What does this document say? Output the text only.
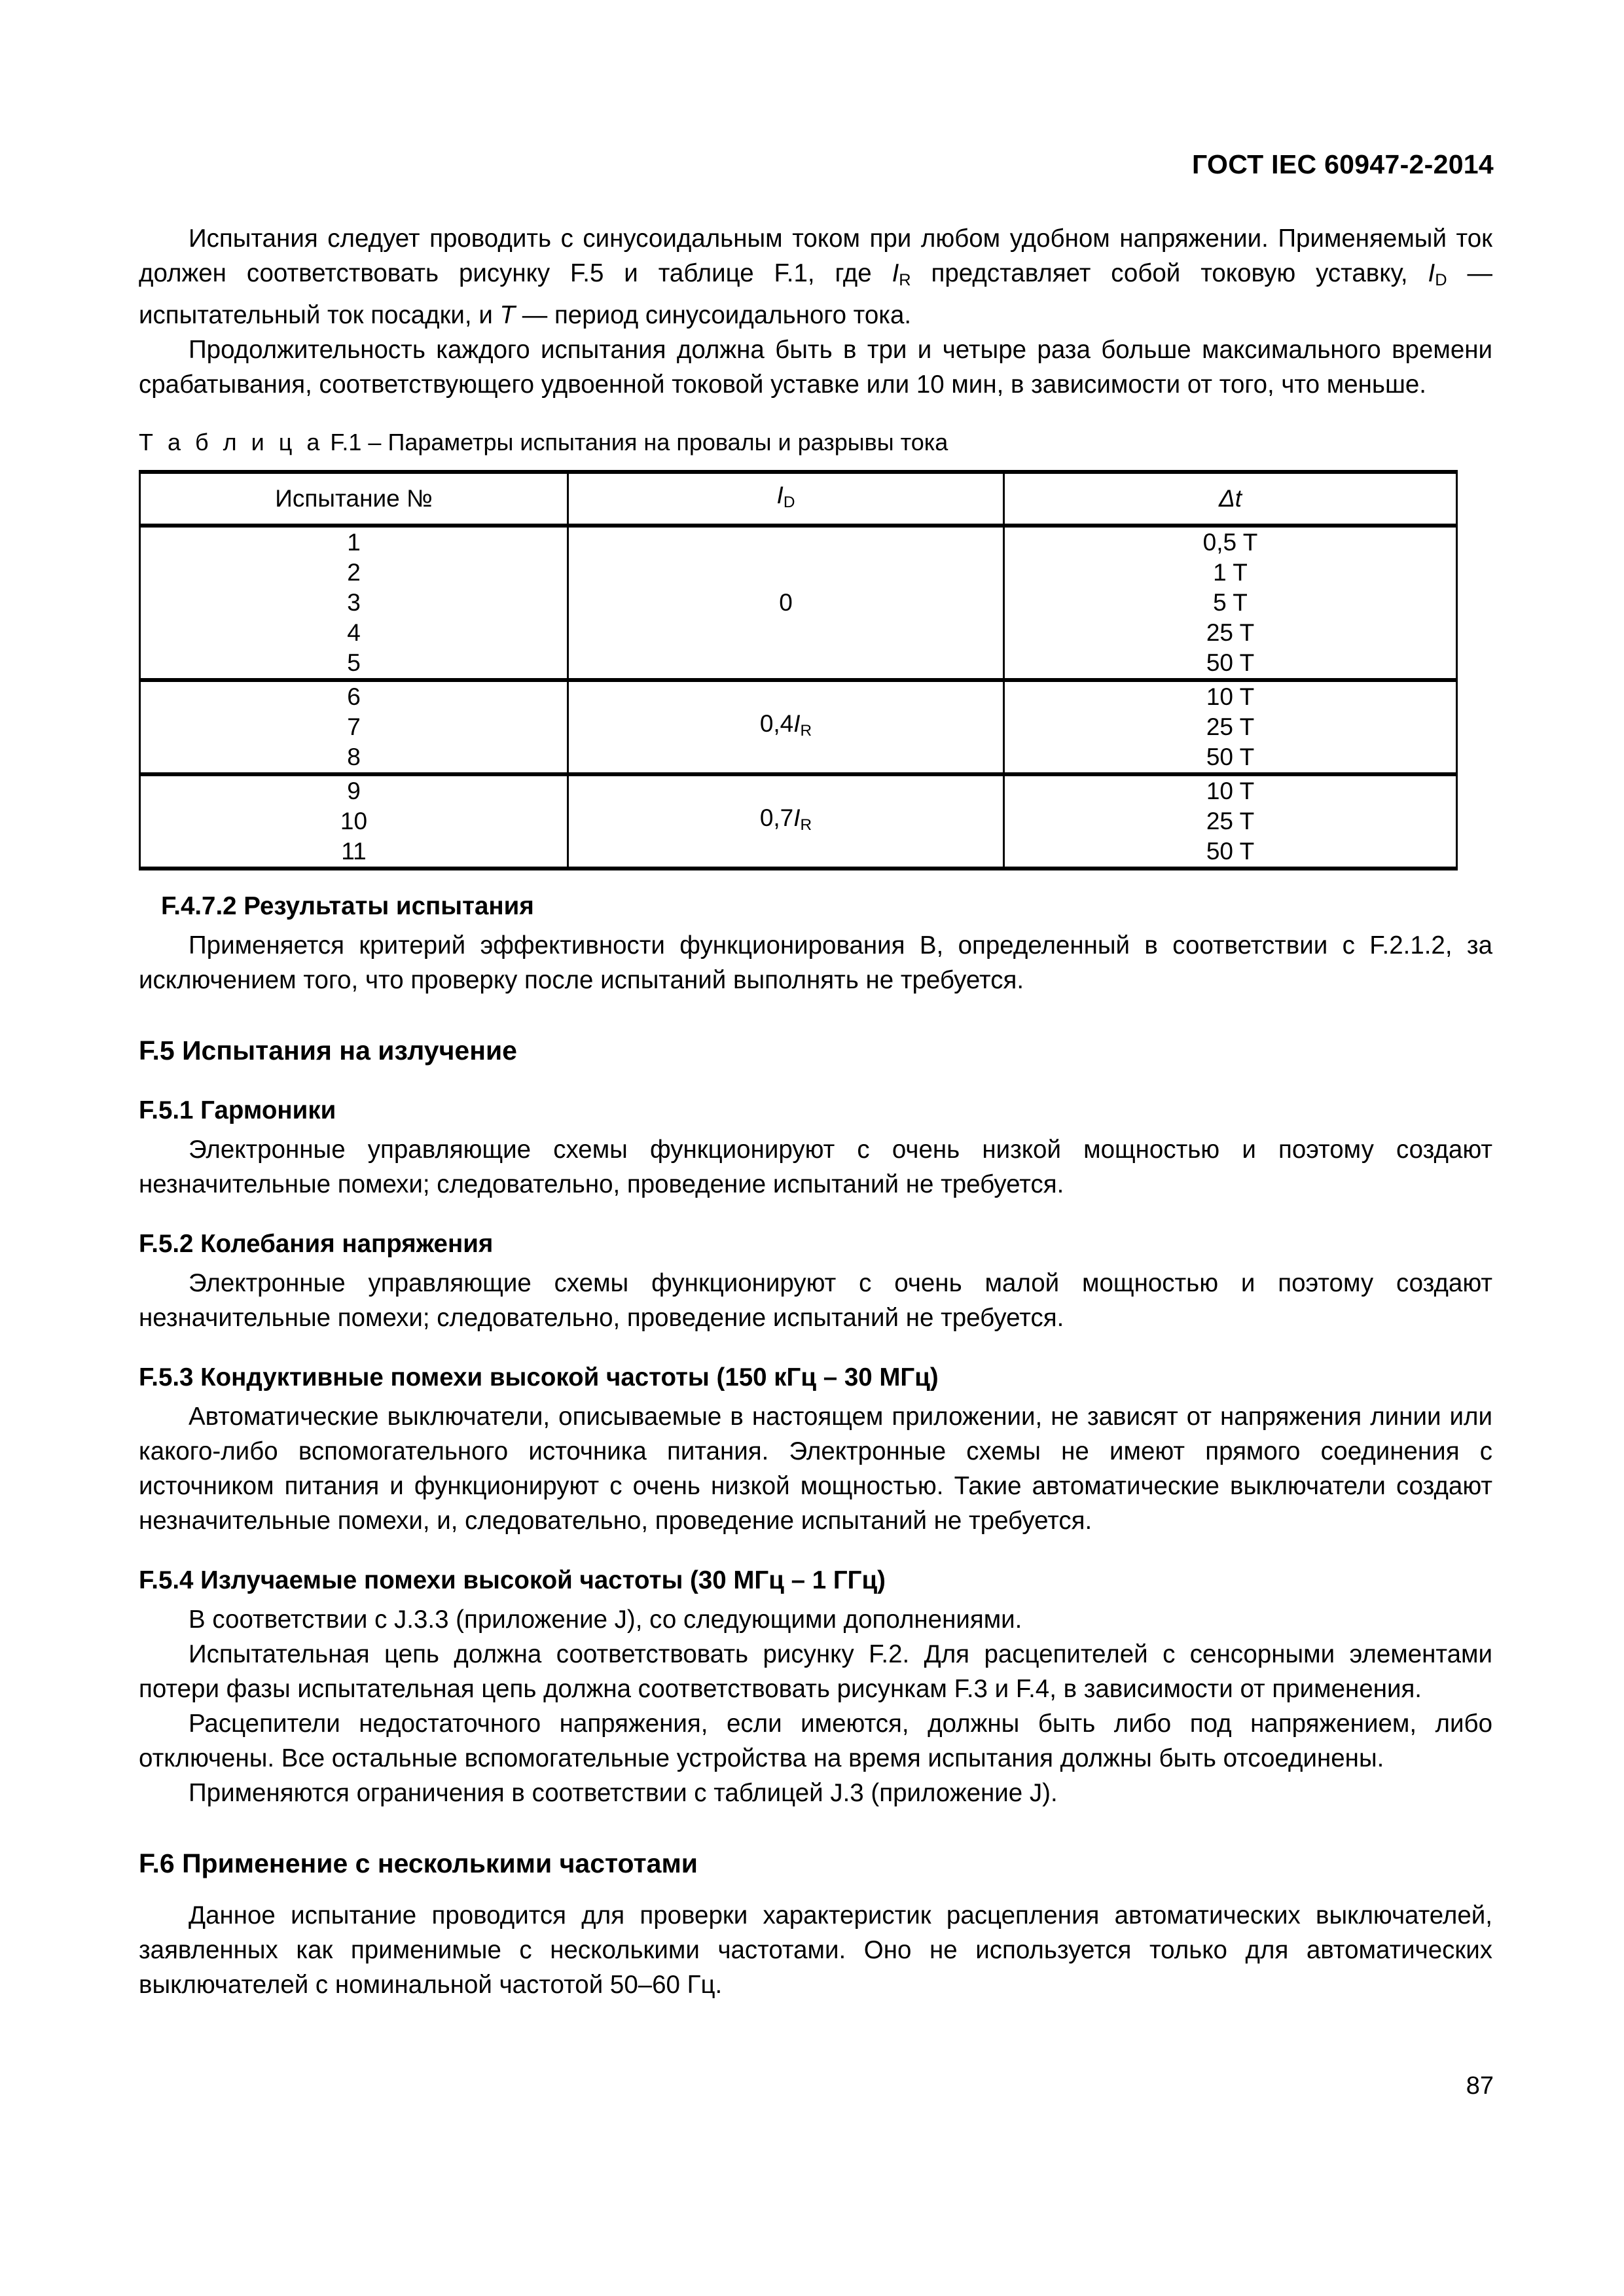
ГОСТ IEC 60947-2-2014

Испытания следует проводить с синусоидальным током при любом удобном напряжении. Применяемый ток должен соответствовать рисунку F.5 и таблице F.1, где $I_R$ представляет собой токовую уставку, $I_D$ — испытательный ток посадки, и T — период синусоидального тока.

Продолжительность каждого испытания должна быть в три и четыре раза больше максимального времени срабатывания, соответствующего удвоенной токовой уставке или 10 мин, в зависимости от того, что меньше.

Т а б л и ц а F.1 – Параметры испытания на провалы и разрывы тока
Испытание №	$I_D$	Δt
1	0	0,5 T
2		1 T
3		5 T
4		25 T
5		50 T
6	$0,4I_R$	10 T
7		25 T
8		50 T
9	$0,7I_R$	10 T
10		25 T
11		50 T
F.4.7.2 Результаты испытания

Применяется критерий эффективности функционирования В, определенный в соответствии с F.2.1.2, за исключением того, что проверку после испытаний выполнять не требуется.

F.5 Испытания на излучение
F.5.1 Гармоники

Электронные управляющие схемы функционируют с очень низкой мощностью и поэтому создают незначительные помехи; следовательно, проведение испытаний не требуется.

F.5.2 Колебания напряжения

Электронные управляющие схемы функционируют с очень малой мощностью и поэтому создают незначительные помехи; следовательно, проведение испытаний не требуется.

F.5.3 Кондуктивные помехи высокой частоты (150 кГц – 30 МГц)

Автоматические выключатели, описываемые в настоящем приложении, не зависят от напряжения линии или какого-либо вспомогательного источника питания. Электронные схемы не имеют прямого соединения с источником питания и функционируют с очень низкой мощностью. Такие автоматические выключатели создают незначительные помехи, и, следовательно, проведение испытаний не требуется.

F.5.4 Излучаемые помехи высокой частоты (30 МГц – 1 ГГц)

В соответствии с J.3.3 (приложение J), со следующими дополнениями.

Испытательная цепь должна соответствовать рисунку F.2. Для расцепителей с сенсорными элементами потери фазы испытательная цепь должна соответствовать рисункам F.3 и F.4, в зависимости от применения.

Расцепители недостаточного напряжения, если имеются, должны быть либо под напряжением, либо отключены. Все остальные вспомогательные устройства на время испытания должны быть отсоединены.

Применяются ограничения в соответствии с таблицей J.3 (приложение J).

F.6 Применение с несколькими частотами

Данное испытание проводится для проверки характеристик расцепления автоматических выключателей, заявленных как применимые с несколькими частотами. Оно не используется только для автоматических выключателей с номинальной частотой 50–60 Гц.

87
